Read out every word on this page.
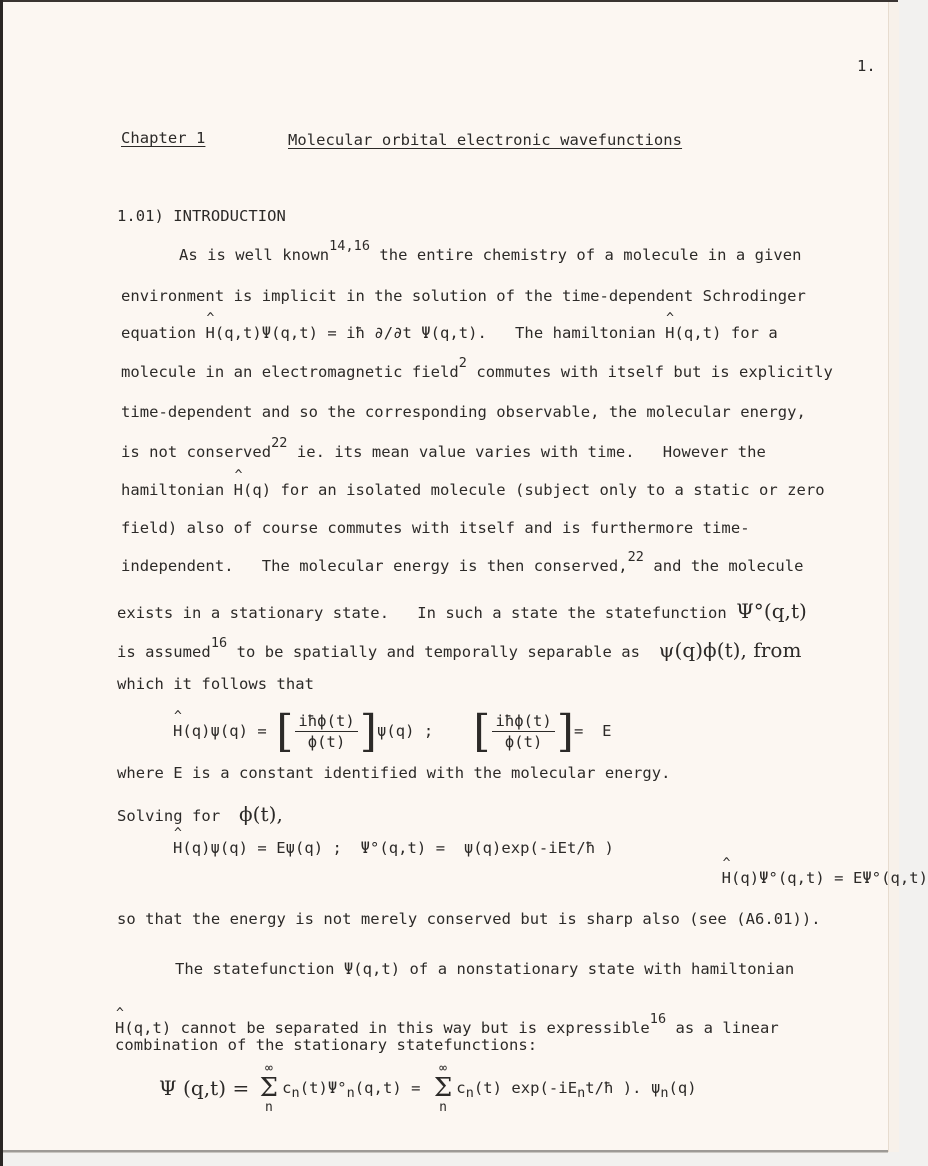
1.
Chapter 1	Molecular orbital electronic wavefunctions
1.01) INTRODUCTION
As is well known14,16 the entire chemistry of a molecule in a given
environment is implicit in the solution of the time-dependent Schrodinger
equation ^ H(q,t)Ψ(q,t) = iħ ∂/∂t Ψ(q,t).   The hamiltonian ^ H(q,t) for a
molecule in an electromagnetic field2 commutes with itself but is explicitly
time-dependent and so the corresponding observable, the molecular energy,
is not conserved22 ie. its mean value varies with time.   However the
hamiltonian ^ H(q) for an isolated molecule (subject only to a static or zero
field) also of course commutes with itself and is furthermore time-
independent.   The molecular energy is then conserved,22 and the molecule
exists in a stationary state.   In such a state the statefunction Ψ°(q,t)
is assumed16 to be spatially and temporally separable as  ψ(q)ϕ(t), from
which it follows that
^ H(q)ψ(q) = [ $\frac{\text{iħϕ(t)}}{\phi(t)}$ ] ψ(q) ; [ $\frac{\text{iħϕ(t)}}{\phi(t)}$ ] =  E
where E is a constant identified with the molecular energy.
Solving for  ϕ(t),
^ H(q)ψ(q) = Eψ(q) ;  Ψ°(q,t) =  ψ(q)exp(-iEt/ħ ) ^ H(q)Ψ°(q,t) = EΨ°(q,t)
so that the energy is not merely conserved but is sharp also (see (A6.01)).
The statefunction Ψ(q,t) of a nonstationary state with hamiltonian
^ H(q,t) cannot be separated in this way but is expressible16 as a linear
combination of the stationary statefunctions:
Ψ (q,t) =
∞
Σ
n
c n (t)Ψ° n (q,t) =
∞
Σ
n
c n (t) exp(-iE n t/ħ ). ψ n (q)
